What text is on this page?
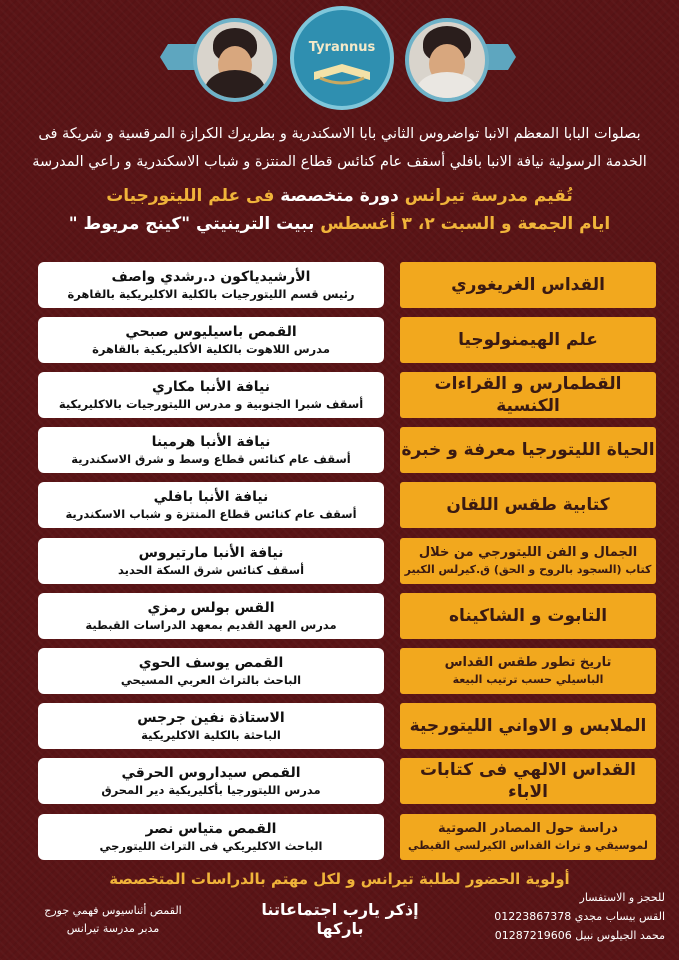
Tyrannus
بصلوات البابا المعظم الانبا تواضروس الثاني بابا الاسكندرية و بطريرك الكرازة المرقسية و شريكة فى
الخدمة الرسولية نيافة الانبا بافلي أسقف عام كنائس قطاع المنتزة و شباب الاسكندرية و راعي المدرسة
تُقيم مدرسة تيرانس دورة متخصصة فى علم الليتورجيات
ايام الجمعة و السبت ٢، ٣ أغسطس ببيت الترينيتي "كينج مريوط "
القداس الغريغوري
الأرشيدياكون د.رشدي واصف
رئيس قسم الليتورجيات بالكلية الاكليريكية بالقاهرة
علم الهيمنولوجيا
القمص باسيليوس صبحي
مدرس اللاهوت بالكلية الأكليريكية بالقاهرة
القطمارس و القراءات الكنسية
نيافة الأنبا مكاري
أسقف شبرا الجنوبية و مدرس الليتورجيات بالاكليريكية
الحياة الليتورجيا معرفة و خبرة
نيافة الأنبا هرمينا
أسقف عام كنائس قطاع وسط و شرق الاسكندرية
كتابية طقس اللقان
نيافة الأنبا بافلي
أسقف عام كنائس قطاع المنتزة و شباب الاسكندرية
الجمال و الفن الليتورجي من خلال
كتاب (السجود بالروح و الحق) ق.كيرلس الكبير
نيافة الأنبا مارتيروس
أسقف كنائس شرق السكة الحديد
التابوت و الشاكيناه
القس بولس رمزي
مدرس العهد القديم بمعهد الدراسات القبطية
تاريخ تطور طقس القداس
الباسيلي حسب ترتيب البيعة
القمص يوسف الحوي
الباحث بالتراث العربي المسيحي
الملابس و الاواني الليتورجية
الاستاذة نفين جرجس
الباحثة بالكلية الاكليريكية
القداس الالهي فى كتابات الاباء
القمص سيداروس الحرقي
مدرس الليتورجيا بأكليريكية دير المحرق
دراسة حول المصادر الصوتية
لموسيقي و تراث القداس الكيرلسي القبطي
القمص متياس نصر
الباحث الاكليريكي فى التراث الليتورجي
أولوية الحضور لطلبة تيرانس و لكل مهتم بالدراسات المتخصصة
القمص أثناسيوس فهمي جورج
مدبر مدرسة تيرانس
إذكر يارب اجتماعاتنا باركها
للحجز و الاستفسار
القس بيساب مجدي 01223867378
محمد الجيلوس نبيل 01287219606
